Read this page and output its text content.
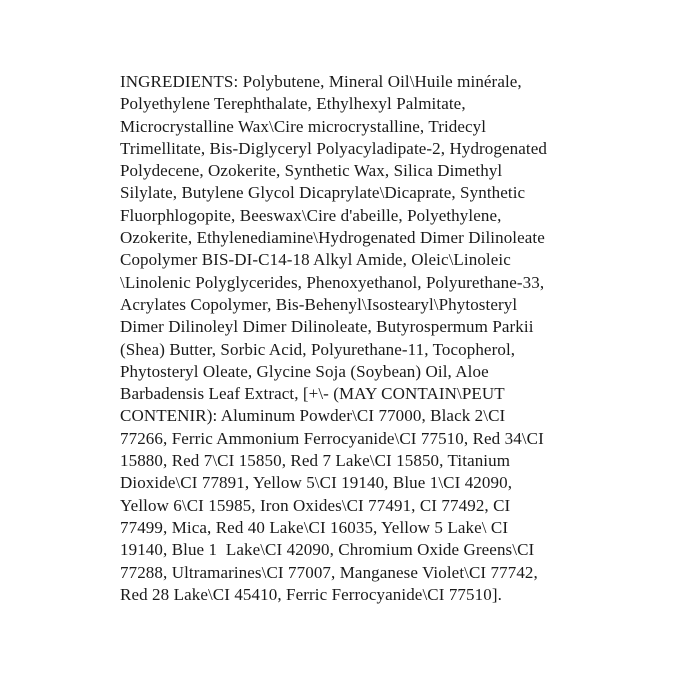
INGREDIENTS: Polybutene, Mineral Oil\Huile minérale,
Polyethylene Terephthalate, Ethylhexyl Palmitate,
Microcrystalline Wax\Cire microcrystalline, Tridecyl
Trimellitate, Bis-Diglyceryl Polyacyladipate-2, Hydrogenated
Polydecene, Ozokerite, Synthetic Wax, Silica Dimethyl
Silylate, Butylene Glycol Dicaprylate\Dicaprate, Synthetic
Fluorphlogopite, Beeswax\Cire d'abeille, Polyethylene,
Ozokerite, Ethylenediamine\Hydrogenated Dimer Dilinoleate
Copolymer BIS-DI-C14-18 Alkyl Amide, Oleic\Linoleic
\Linolenic Polyglycerides, Phenoxyethanol, Polyurethane-33,
Acrylates Copolymer, Bis-Behenyl\Isostearyl\Phytosteryl
Dimer Dilinoleyl Dimer Dilinoleate, Butyrospermum Parkii
(Shea) Butter, Sorbic Acid, Polyurethane-11, Tocopherol,
Phytosteryl Oleate, Glycine Soja (Soybean) Oil, Aloe
Barbadensis Leaf Extract, [+\- (MAY CONTAIN\PEUT
CONTENIR): Aluminum Powder\CI 77000, Black 2\CI
77266, Ferric Ammonium Ferrocyanide\CI 77510, Red 34\CI
15880, Red 7\CI 15850, Red 7 Lake\CI 15850, Titanium
Dioxide\CI 77891, Yellow 5\CI 19140, Blue 1\CI 42090,
Yellow 6\CI 15985, Iron Oxides\CI 77491, CI 77492, CI
77499, Mica, Red 40 Lake\CI 16035, Yellow 5 Lake\ CI
19140, Blue 1  Lake\CI 42090, Chromium Oxide Greens\CI
77288, Ultramarines\CI 77007, Manganese Violet\CI 77742,
Red 28 Lake\CI 45410, Ferric Ferrocyanide\CI 77510].
